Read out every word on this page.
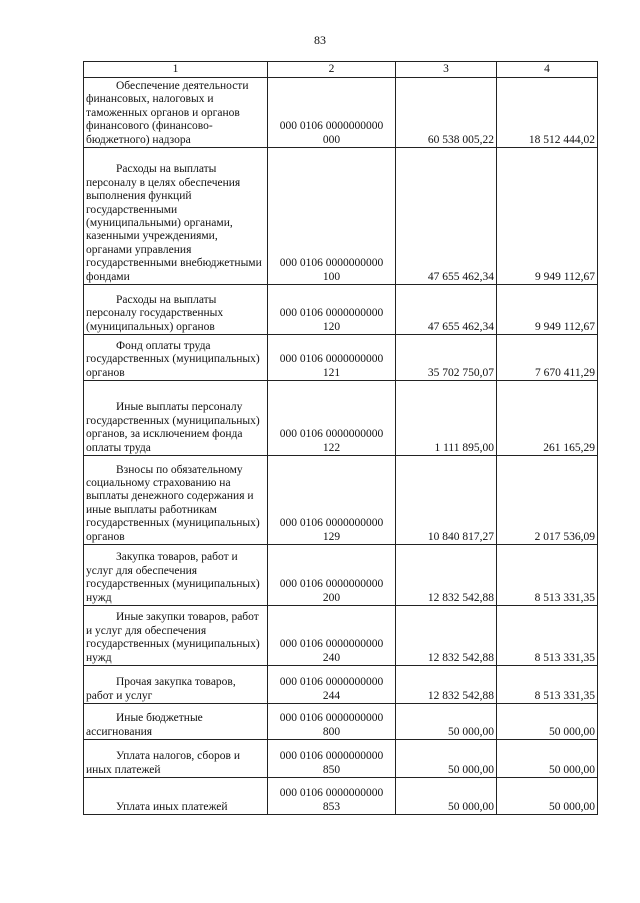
83
1	2	3	4
Обеспечение деятельности финансовых, налоговых и таможенных органов и органов финансового (финансово-бюджетного) надзора	000 0106 0000000000 000	60 538 005,22	18 512 444,02
Расходы на выплаты персоналу в целях обеспечения выполнения функций государственными (муниципальными) органами, казенными учреждениями, органами управления государственными внебюджетными фондами	000 0106 0000000000 100	47 655 462,34	9 949 112,67
Расходы на выплаты персоналу государственных (муниципальных) органов	000 0106 0000000000 120	47 655 462,34	9 949 112,67
Фонд оплаты труда государственных (муниципальных) органов	000 0106 0000000000 121	35 702 750,07	7 670 411,29
Иные выплаты персоналу государственных (муниципальных) органов, за исключением фонда оплаты труда	000 0106 0000000000 122	1 111 895,00	261 165,29
Взносы по обязательному социальному страхованию на выплаты денежного содержания и иные выплаты работникам государственных (муниципальных) органов	000 0106 0000000000 129	10 840 817,27	2 017 536,09
Закупка товаров, работ и услуг для обеспечения государственных (муниципальных) нужд	000 0106 0000000000 200	12 832 542,88	8 513 331,35
Иные закупки товаров, работ и услуг для обеспечения государственных (муниципальных) нужд	000 0106 0000000000 240	12 832 542,88	8 513 331,35
Прочая закупка товаров, работ и услуг	000 0106 0000000000 244	12 832 542,88	8 513 331,35
Иные бюджетные ассигнования	000 0106 0000000000 800	50 000,00	50 000,00
Уплата налогов, сборов и иных платежей	000 0106 0000000000 850	50 000,00	50 000,00
Уплата иных платежей	000 0106 0000000000 853	50 000,00	50 000,00
